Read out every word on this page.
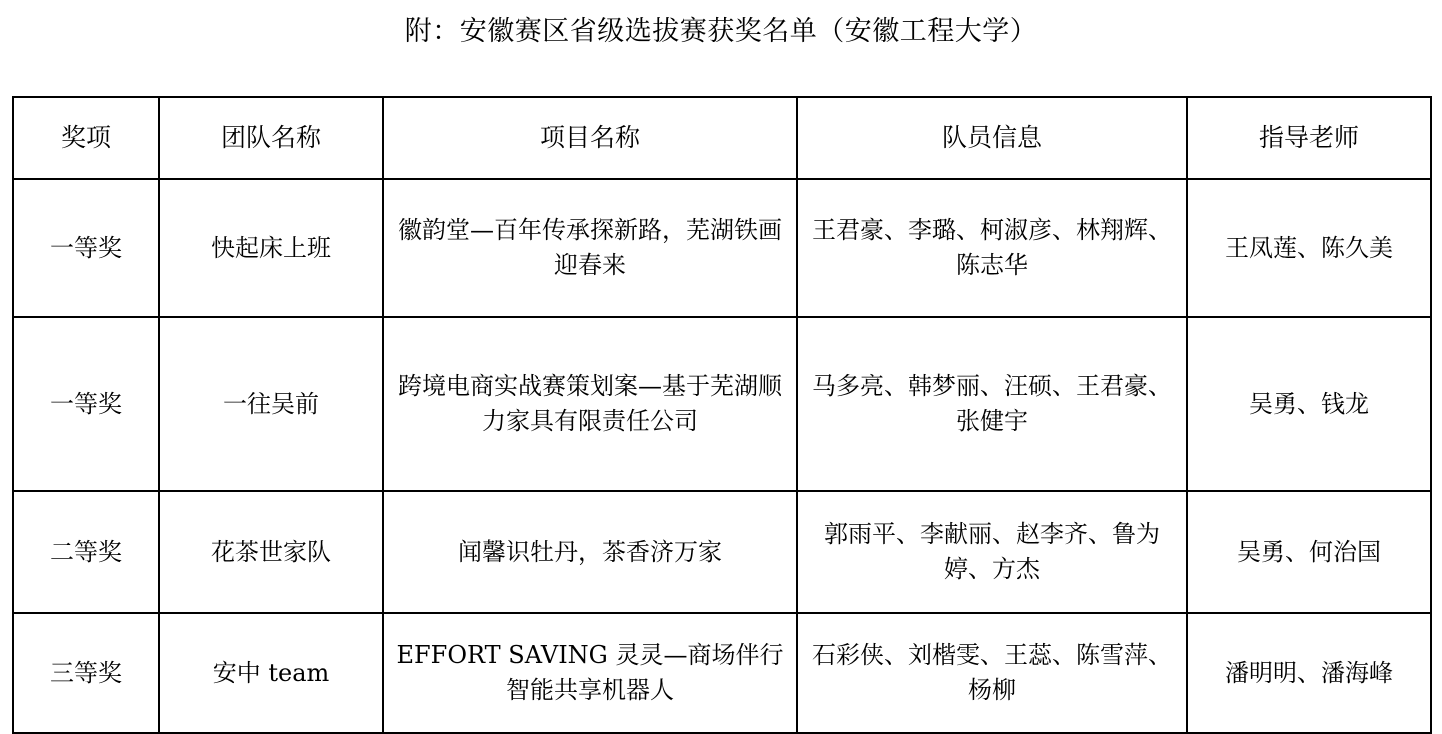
附：安徽赛区省级选拔赛获奖名单（安徽工程大学）
奖项	团队名称	项目名称	队员信息	指导老师
一等奖	快起床上班	徽韵堂—百年传承探新路，芜湖铁画迎春来	王君豪、李璐、柯淑彦、林翔辉、陈志华	王凤莲、陈久美
一等奖	一往吴前	跨境电商实战赛策划案—基于芜湖顺力家具有限责任公司	马多亮、韩梦丽、汪硕、王君豪、张健宇	吴勇、钱龙
二等奖	花茶世家队	闻馨识牡丹，茶香济万家	郭雨平、李献丽、赵李齐、鲁为婷、方杰	吴勇、何治国
三等奖	安中 team	EFFORT SAVING 灵灵—商场伴行智能共享机器人	石彩侠、刘楷雯、王蕊、陈雪萍、杨柳	潘明明、潘海峰
